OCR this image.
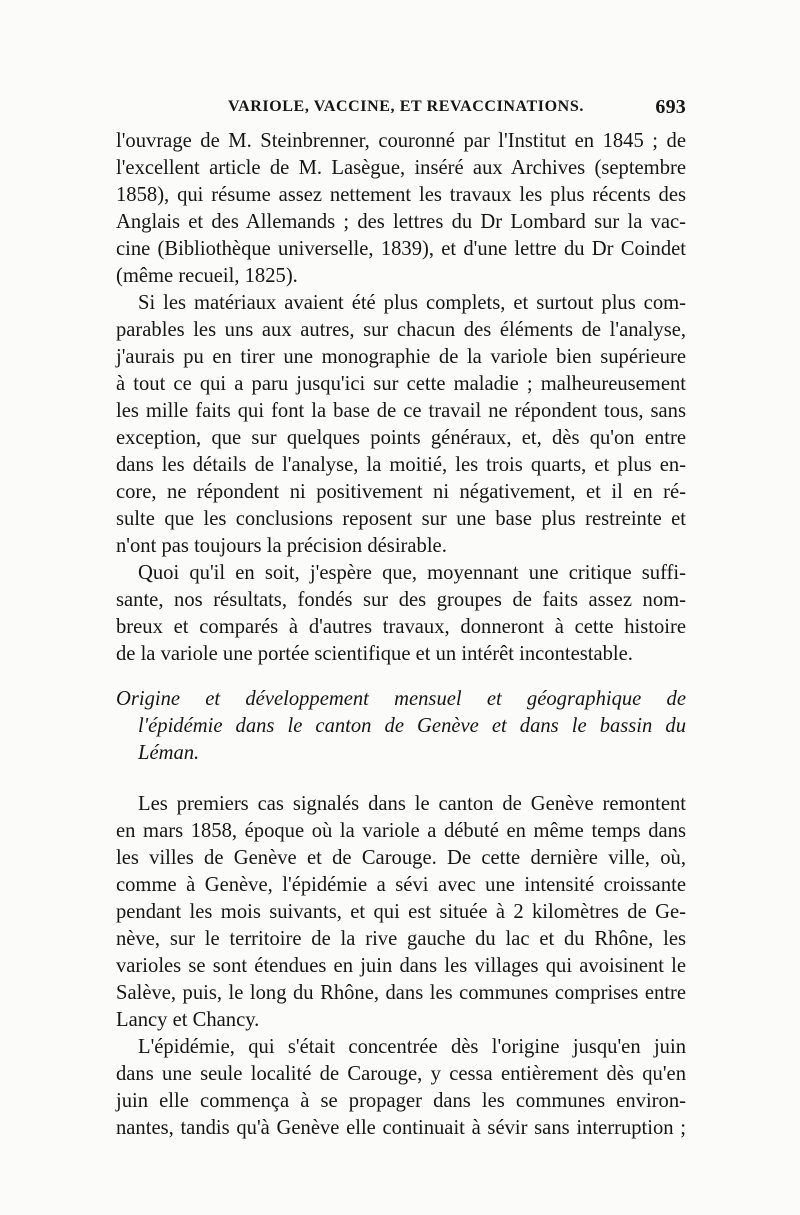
VARIOLE, VACCINE, ET REVACCINATIONS.	693
l'ouvrage de M. Steinbrenner, couronné par l'Institut en 1845 ; de
l'excellent article de M. Lasègue, inséré aux Archives (septembre
1858), qui résume assez nettement les travaux les plus récents des
Anglais et des Allemands ; des lettres du Dr Lombard sur la vac-
cine (Bibliothèque universelle, 1839), et d'une lettre du Dr Coindet
(même recueil, 1825).
Si les matériaux avaient été plus complets, et surtout plus com-
parables les uns aux autres, sur chacun des éléments de l'analyse,
j'aurais pu en tirer une monographie de la variole bien supérieure
à tout ce qui a paru jusqu'ici sur cette maladie ; malheureusement
les mille faits qui font la base de ce travail ne répondent tous, sans
exception, que sur quelques points généraux, et, dès qu'on entre
dans les détails de l'analyse, la moitié, les trois quarts, et plus en-
core, ne répondent ni positivement ni négativement, et il en ré-
sulte que les conclusions reposent sur une base plus restreinte et
n'ont pas toujours la précision désirable.
Quoi qu'il en soit, j'espère que, moyennant une critique suffi-
sante, nos résultats, fondés sur des groupes de faits assez nom-
breux et comparés à d'autres travaux, donneront à cette histoire
de la variole une portée scientifique et un intérêt incontestable.
Origine et développement mensuel et géographique de
l'épidémie dans le canton de Genève et dans le bassin du
Léman.
Les premiers cas signalés dans le canton de Genève remontent
en mars 1858, époque où la variole a débuté en même temps dans
les villes de Genève et de Carouge. De cette dernière ville, où,
comme à Genève, l'épidémie a sévi avec une intensité croissante
pendant les mois suivants, et qui est située à 2 kilomètres de Ge-
nève, sur le territoire de la rive gauche du lac et du Rhône, les
varioles se sont étendues en juin dans les villages qui avoisinent le
Salève, puis, le long du Rhône, dans les communes comprises entre
Lancy et Chancy.
L'épidémie, qui s'était concentrée dès l'origine jusqu'en juin
dans une seule localité de Carouge, y cessa entièrement dès qu'en
juin elle commença à se propager dans les communes environ-
nantes, tandis qu'à Genève elle continuait à sévir sans interruption ;
